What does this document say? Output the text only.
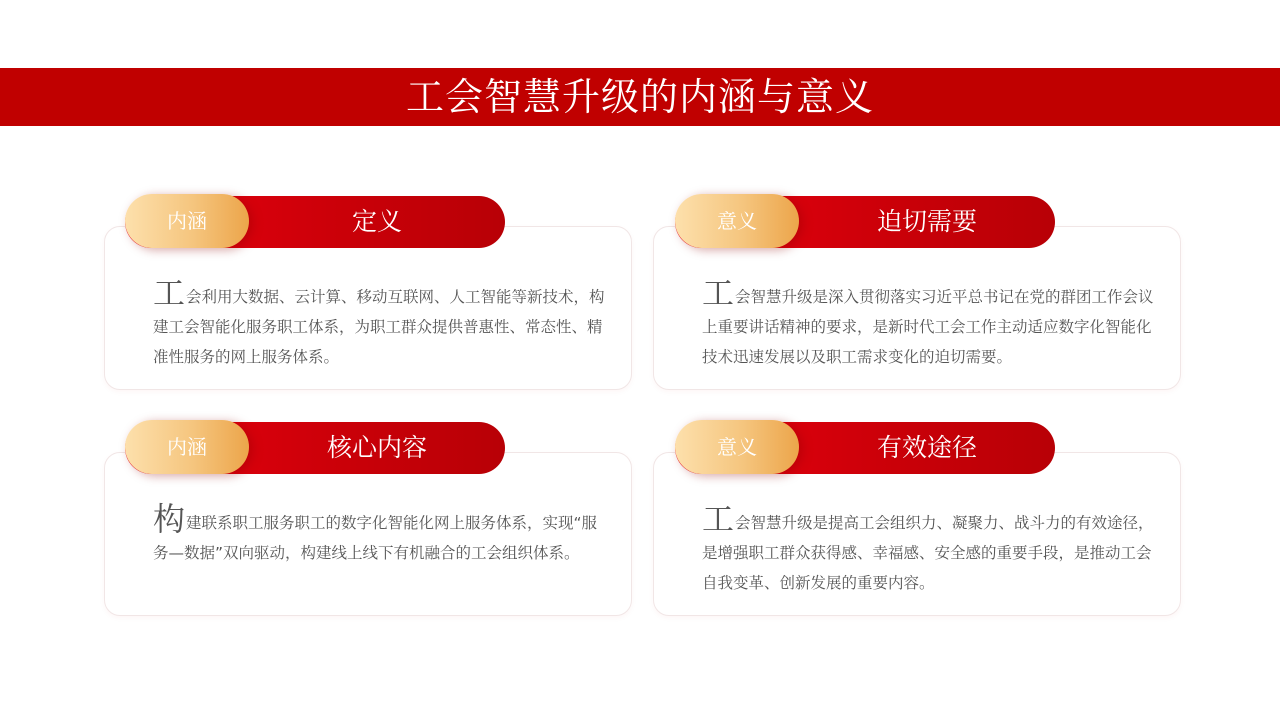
工会智慧升级的内涵与意义
工会利用大数据、云计算、移动互联网、人工智能等新技术，构建工会智能化服务职工体系，为职工群众提供普惠性、常态性、精准性服务的网上服务体系。
定义
内涵
工会智慧升级是深入贯彻落实习近平总书记在党的群团工作会议上重要讲话精神的要求，是新时代工会工作主动适应数字化智能化技术迅速发展以及职工需求变化的迫切需要。
迫切需要
意义
构建联系职工服务职工的数字化智能化网上服务体系，实现“服务—数据”双向驱动，构建线上线下有机融合的工会组织体系。
核心内容
内涵
工会智慧升级是提高工会组织力、凝聚力、战斗力的有效途径，是增强职工群众获得感、幸福感、安全感的重要手段，是推动工会自我变革、创新发展的重要内容。
有效途径
意义
